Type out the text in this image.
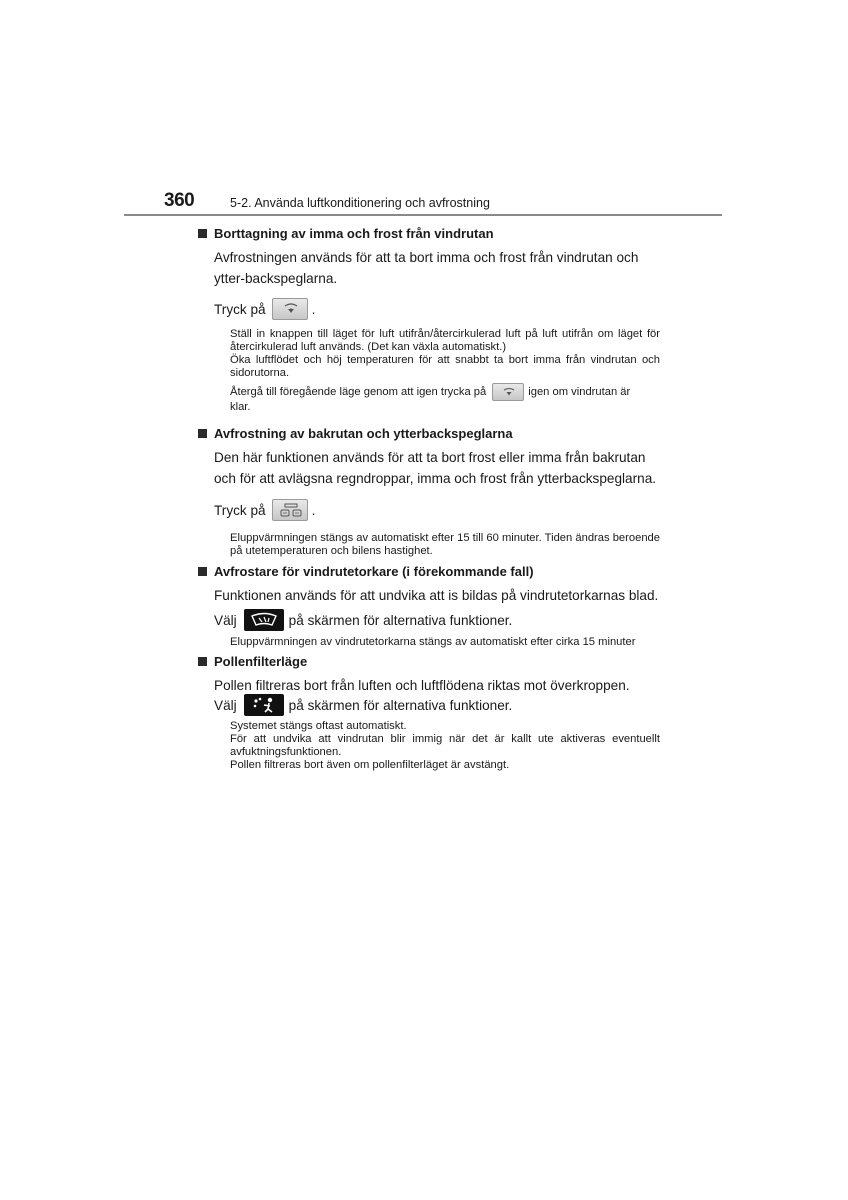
360	5-2. Använda luftkonditionering och avfrostning
Borttagning av imma och frost från vindrutan
Avfrostningen används för att ta bort imma och frost från vindrutan och ytter-backspeglarna.
Tryck på	.

Ställ in knappen till läget för luft utifrån/återcirkulerad luft på luft utifrån om läget för återcirkulerad luft används. (Det kan växla automatiskt.)

Öka luftflödet och höj temperaturen för att snabbt ta bort imma från vindrutan och sidorutorna.

Återgå till föregående läge genom att igen trycka på	igen om vindrutan är

klar.

Avfrostning av bakrutan och ytterbackspeglarna
Den här funktionen används för att ta bort frost eller imma från bakrutan och för att avlägsna regndroppar, imma och frost från ytterbackspeglarna.
Tryck på	.

Eluppvärmningen stängs av automatiskt efter 15 till 60 minuter. Tiden ändras beroende på utetemperaturen och bilens hastighet.

Avfrostare för vindrutetorkare (i förekommande fall)
Funktionen används för att undvika att is bildas på vindrutetorkarnas blad.
Välj	på skärmen för alternativa funktioner.

Eluppvärmningen av vindrutetorkarna stängs av automatiskt efter cirka 15 minuter

Pollenfilterläge
Pollen filtreras bort från luften och luftflödena riktas mot överkroppen.
Välj	på skärmen för alternativa funktioner.

Systemet stängs oftast automatiskt.

För att undvika att vindrutan blir immig när det är kallt ute aktiveras eventuellt avfuktningsfunktionen.

Pollen filtreras bort även om pollenfilterläget är avstängt.
